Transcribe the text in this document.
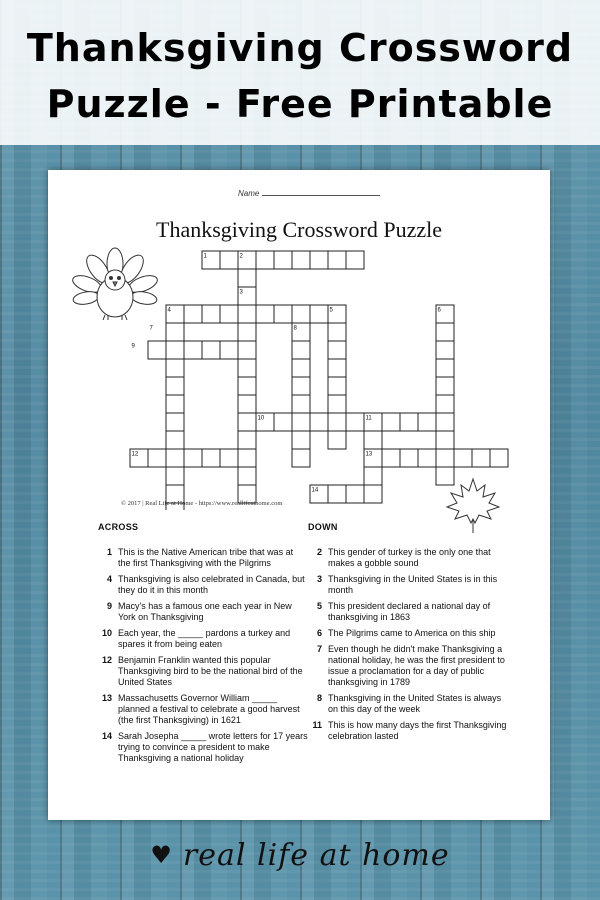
Thanksgiving Crossword
Puzzle - Free Printable
Name
Thanksgiving Crossword Puzzle
1	2
3
4	5	6
7	8
9
10	11
12	13
14
© 2017 | Real Life at Home - https://www.reallifeathome.com
ACROSS
1 This is the Native American tribe that was at the first Thanksgiving with the Pilgrims
4 Thanksgiving is also celebrated in Canada, but they do it in this month
9 Macy's has a famous one each year in New York on Thanksgiving
10 Each year, the _____ pardons a turkey and spares it from being eaten
12 Benjamin Franklin wanted this popular Thanksgiving bird to be the national bird of the United States
13 Massachusetts Governor William _____ planned a festival to celebrate a good harvest (the first Thanksgiving) in 1621
14 Sarah Josepha _____ wrote letters for 17 years trying to convince a president to make Thanksgiving a national holiday
DOWN
2 This gender of turkey is the only one that makes a gobble sound
3 Thanksgiving in the United States is in this month
5 This president declared a national day of thanksgiving in 1863
6 The Pilgrims came to America on this ship
7 Even though he didn't make Thanksgiving a national holiday, he was the first president to issue a proclamation for a day of public thanksgiving in 1789
8 Thanksgiving in the United States is always on this day of the week
11 This is how many days the first Thanksgiving celebration lasted
♥ real life at home
